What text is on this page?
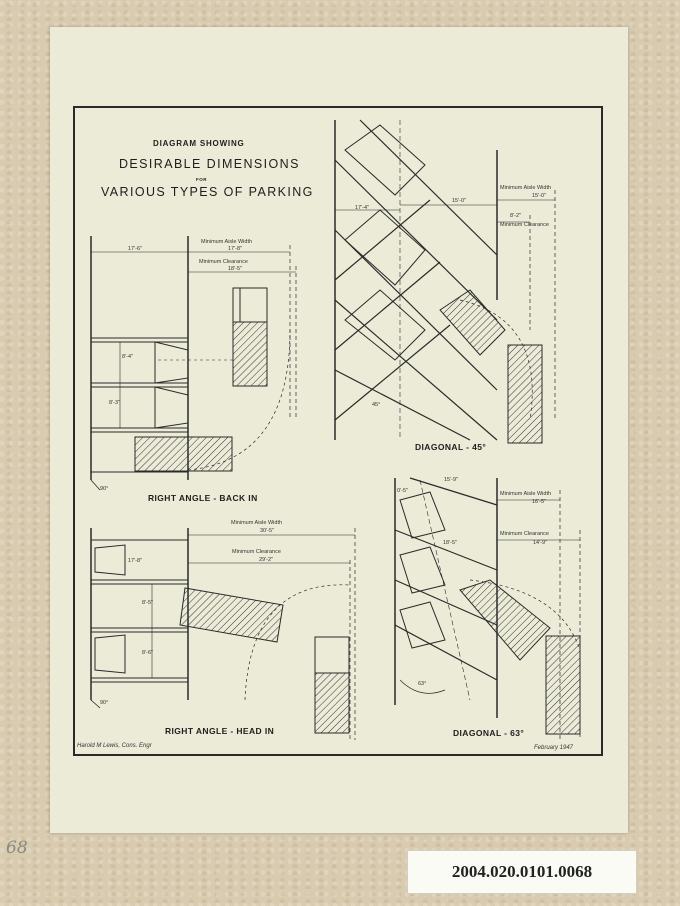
DIAGRAM SHOWING
DESIRABLE DIMENSIONS
FOR
VARIOUS TYPES OF PARKING
Minimum Aisle Width
17'-8"
Minimum Clearance
18'-5"
17'-6"
8'-4"
8'-3"
90°
RIGHT ANGLE - BACK IN
Minimum Aisle Width
15'-0"
8'-2"
Minimum Clearance
17'-4"
15'-0"
45°
DIAGONAL - 45°
Minimum Aisle Width
30'-5"
Minimum Clearance
29'-2"
17'-8"
8'-5"
8'-6"
90°
RIGHT ANGLE - HEAD IN
Minimum Aisle Width
16'-5"
Minimum Clearance
14'-9"
15'-9"
18'-5"
0'-5"
63°
DIAGONAL - 63°
Harold M Lewis, Cons. Engr	February 1947
68
2004.020.0101.0068
